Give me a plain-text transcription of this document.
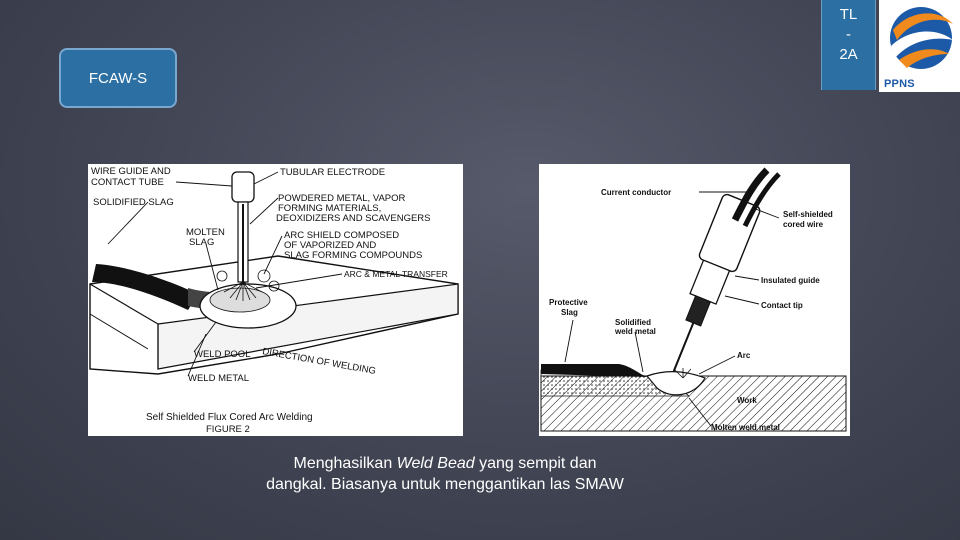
TL
-
2A
PPNS
FCAW-S
WIRE GUIDE AND
CONTACT TUBE
SOLIDIFIED SLAG
MOLTEN
SLAG
TUBULAR ELECTRODE
POWDERED METAL, VAPOR
FORMING MATERIALS,
DEOXIDIZERS AND SCAVENGERS
ARC SHIELD COMPOSED
OF VAPORIZED AND
SLAG FORMING COMPOUNDS
ARC & METAL TRANSFER
WELD POOL DIRECTION OF WELDING
WELD METAL
Self Shielded Flux Cored Arc Welding
FIGURE 2
Current conductor
Self-shielded
cored wire
Insulated guide
Contact tip
Protective
Slag
Solidified
weld metal
Arc
Work
Molten weld metal
Menghasilkan Weld Bead yang sempit dan dangkal. Biasanya untuk menggantikan las SMAW
